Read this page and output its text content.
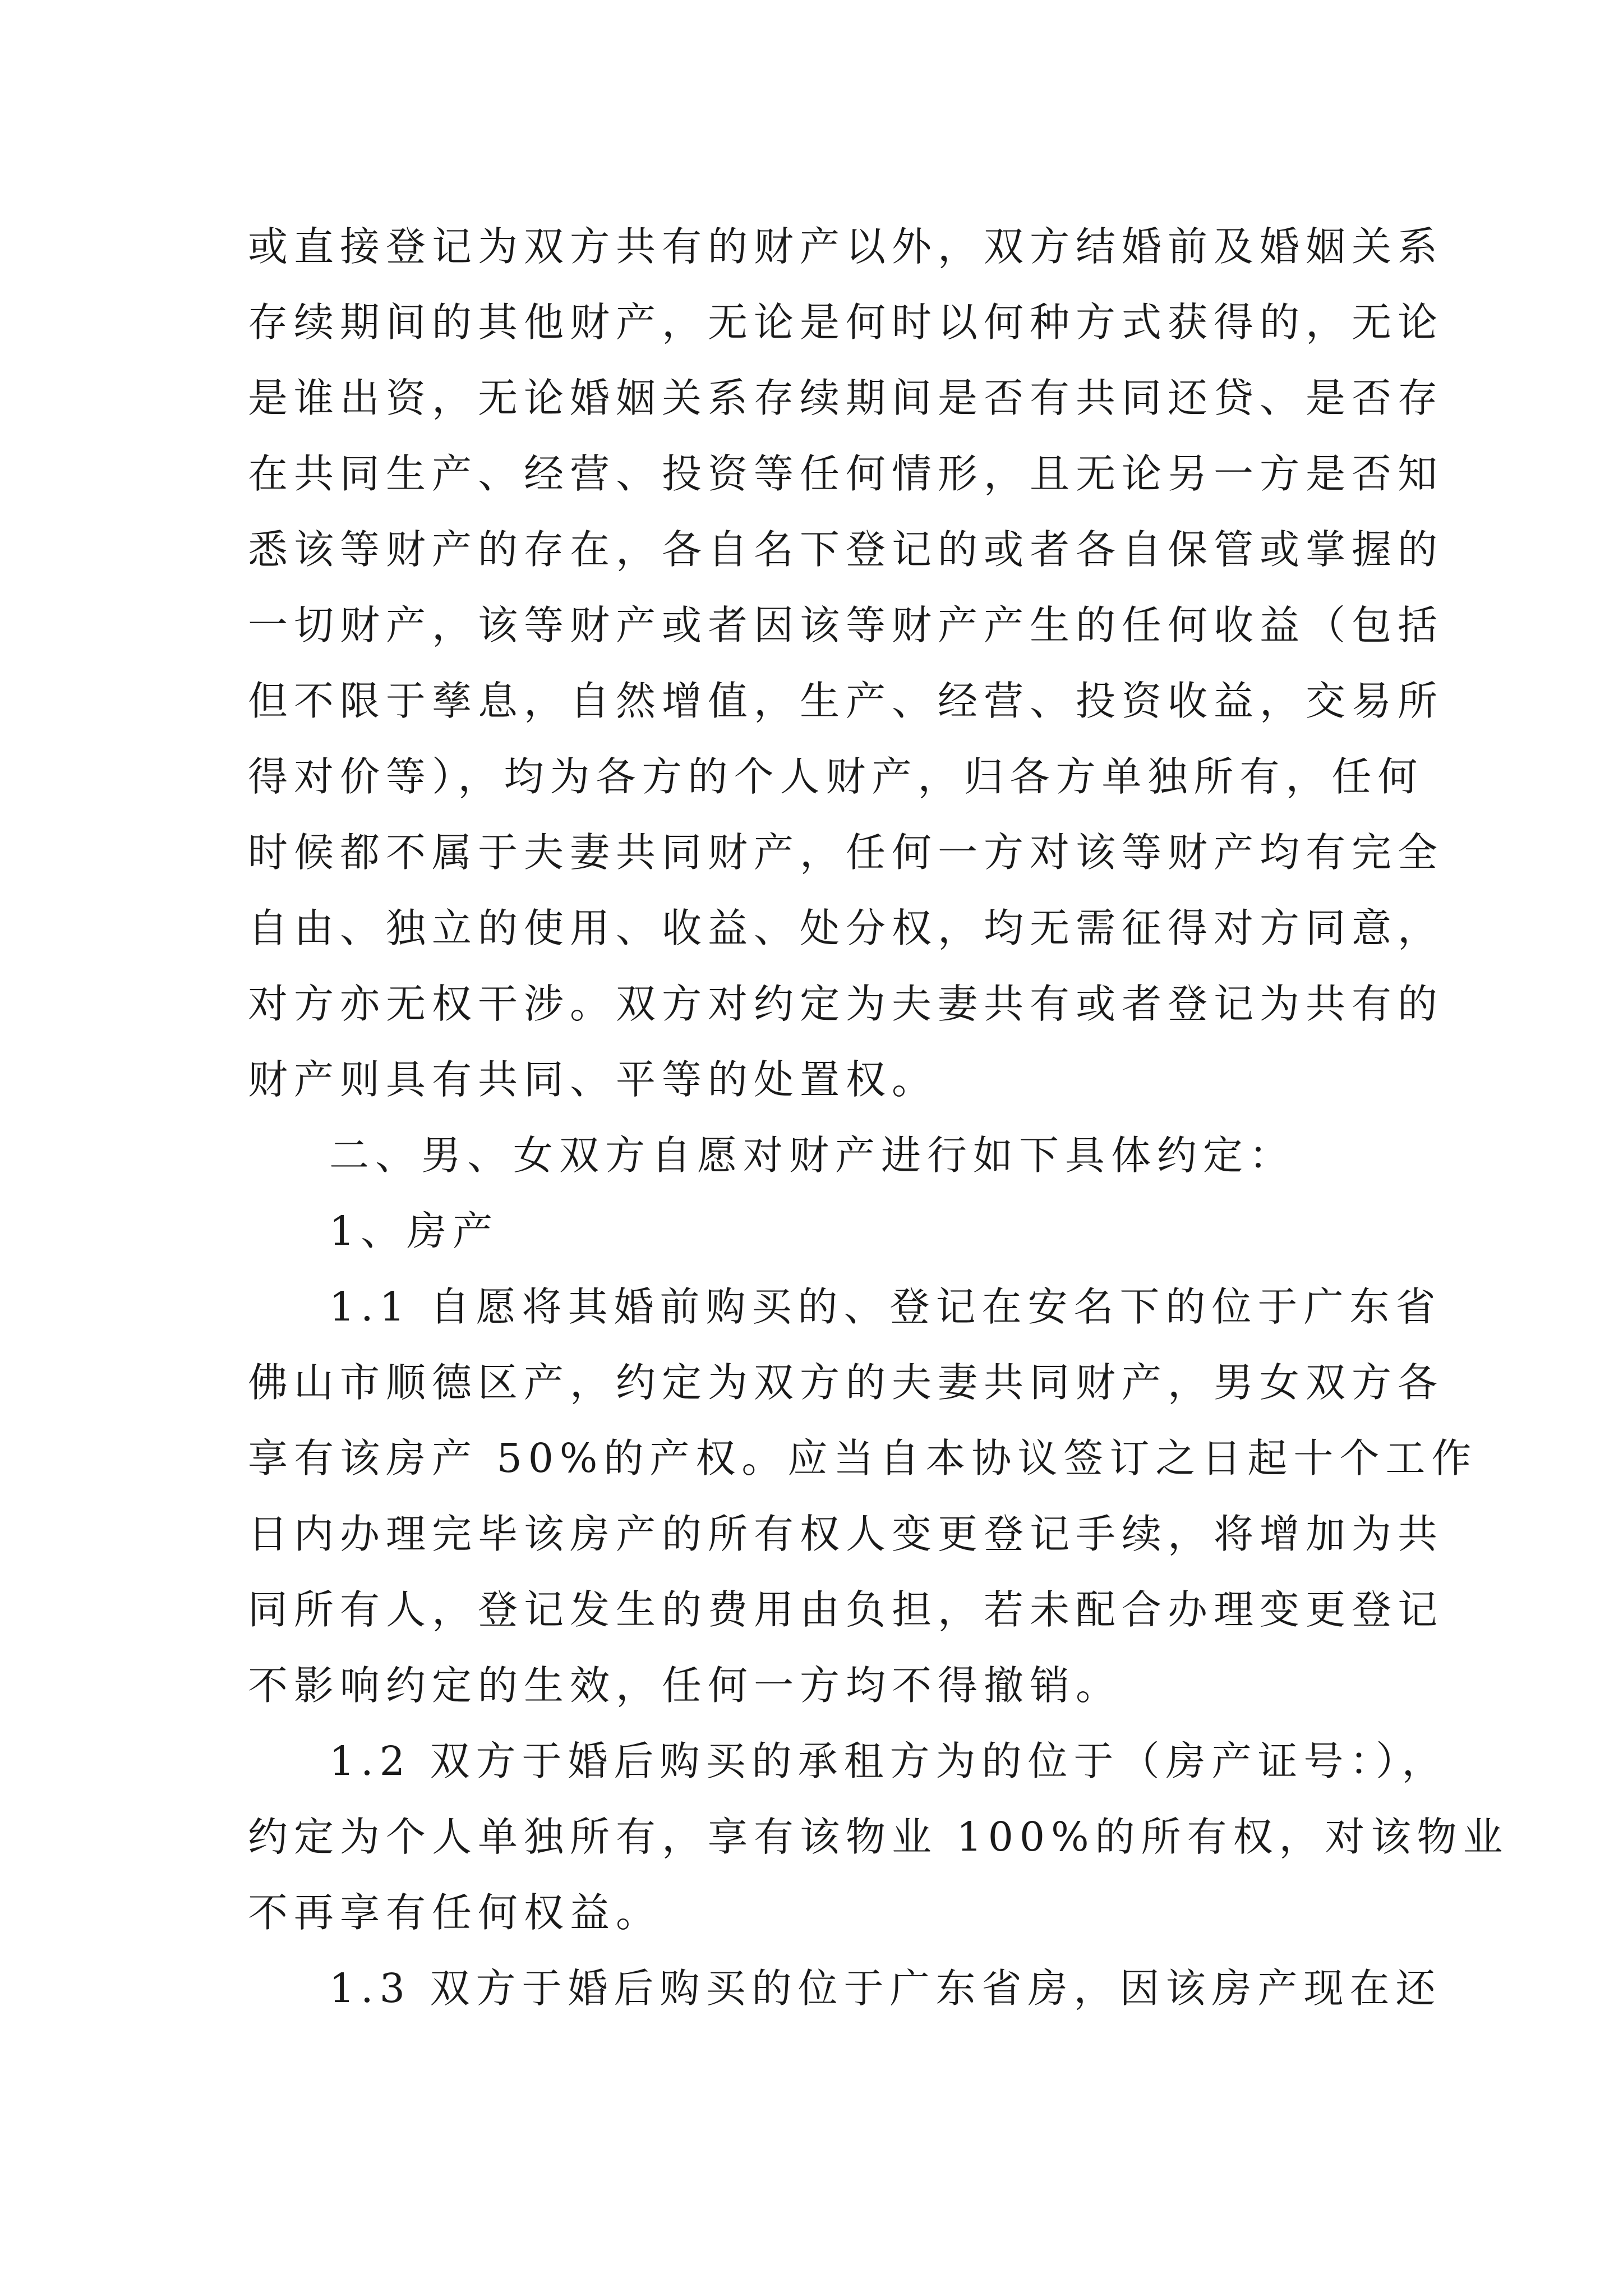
或直接登记为双方共有的财产以外，双方结婚前及婚姻关系
存续期间的其他财产，无论是何时以何种方式获得的，无论
是谁出资，无论婚姻关系存续期间是否有共同还贷、是否存
在共同生产、经营、投资等任何情形，且无论另一方是否知
悉该等财产的存在，各自名下登记的或者各自保管或掌握的
一切财产，该等财产或者因该等财产产生的任何收益（包括
但不限于孳息，自然增值，生产、经营、投资收益，交易所
得对价等），均为各方的个人财产，归各方单独所有，任何
时候都不属于夫妻共同财产，任何一方对该等财产均有完全
自由、独立的使用、收益、处分权，均无需征得对方同意，
对方亦无权干涉。双方对约定为夫妻共有或者登记为共有的
财产则具有共同、平等的处置权。
二、男、女双方自愿对财产进行如下具体约定：
1、房产
1.1 自愿将其婚前购买的、登记在安名下的位于广东省
佛山市顺德区产，约定为双方的夫妻共同财产，男女双方各
享有该房产 50%的产权。应当自本协议签订之日起十个工作
日内办理完毕该房产的所有权人变更登记手续，将增加为共
同所有人，登记发生的费用由负担，若未配合办理变更登记
不影响约定的生效，任何一方均不得撤销。
1.2 双方于婚后购买的承租方为的位于（房产证号：），
约定为个人单独所有，享有该物业 100%的所有权，对该物业
不再享有任何权益。
1.3 双方于婚后购买的位于广东省房，因该房产现在还
